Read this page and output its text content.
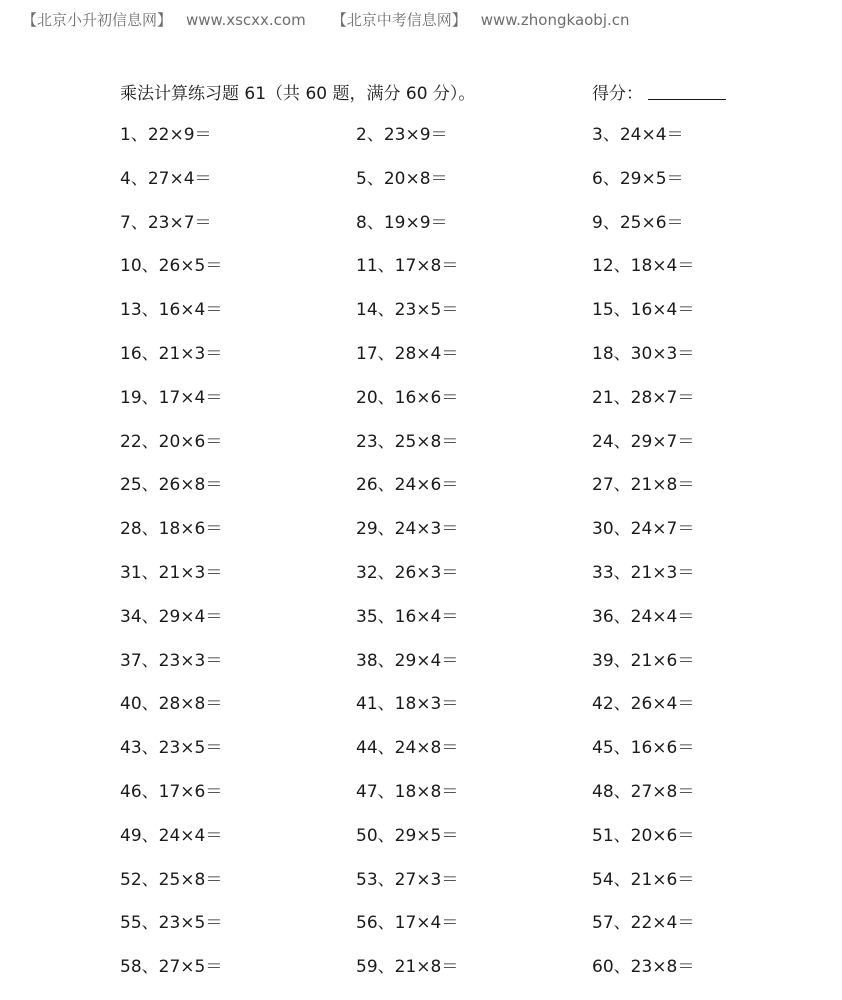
【北京小升初信息网】 www.xscxx.com 【北京中考信息网】 www.zhongkaobj.cn
乘法计算练习题 61（共 60 题，满分 60 分）。	得分：
1、22×9＝	2、23×9＝	3、24×4＝
4、27×4＝	5、20×8＝	6、29×5＝
7、23×7＝	8、19×9＝	9、25×6＝
10、26×5＝	11、17×8＝	12、18×4＝
13、16×4＝	14、23×5＝	15、16×4＝
16、21×3＝	17、28×4＝	18、30×3＝
19、17×4＝	20、16×6＝	21、28×7＝
22、20×6＝	23、25×8＝	24、29×7＝
25、26×8＝	26、24×6＝	27、21×8＝
28、18×6＝	29、24×3＝	30、24×7＝
31、21×3＝	32、26×3＝	33、21×3＝
34、29×4＝	35、16×4＝	36、24×4＝
37、23×3＝	38、29×4＝	39、21×6＝
40、28×8＝	41、18×3＝	42、26×4＝
43、23×5＝	44、24×8＝	45、16×6＝
46、17×6＝	47、18×8＝	48、27×8＝
49、24×4＝	50、29×5＝	51、20×6＝
52、25×8＝	53、27×3＝	54、21×6＝
55、23×5＝	56、17×4＝	57、22×4＝
58、27×5＝	59、21×8＝	60、23×8＝
